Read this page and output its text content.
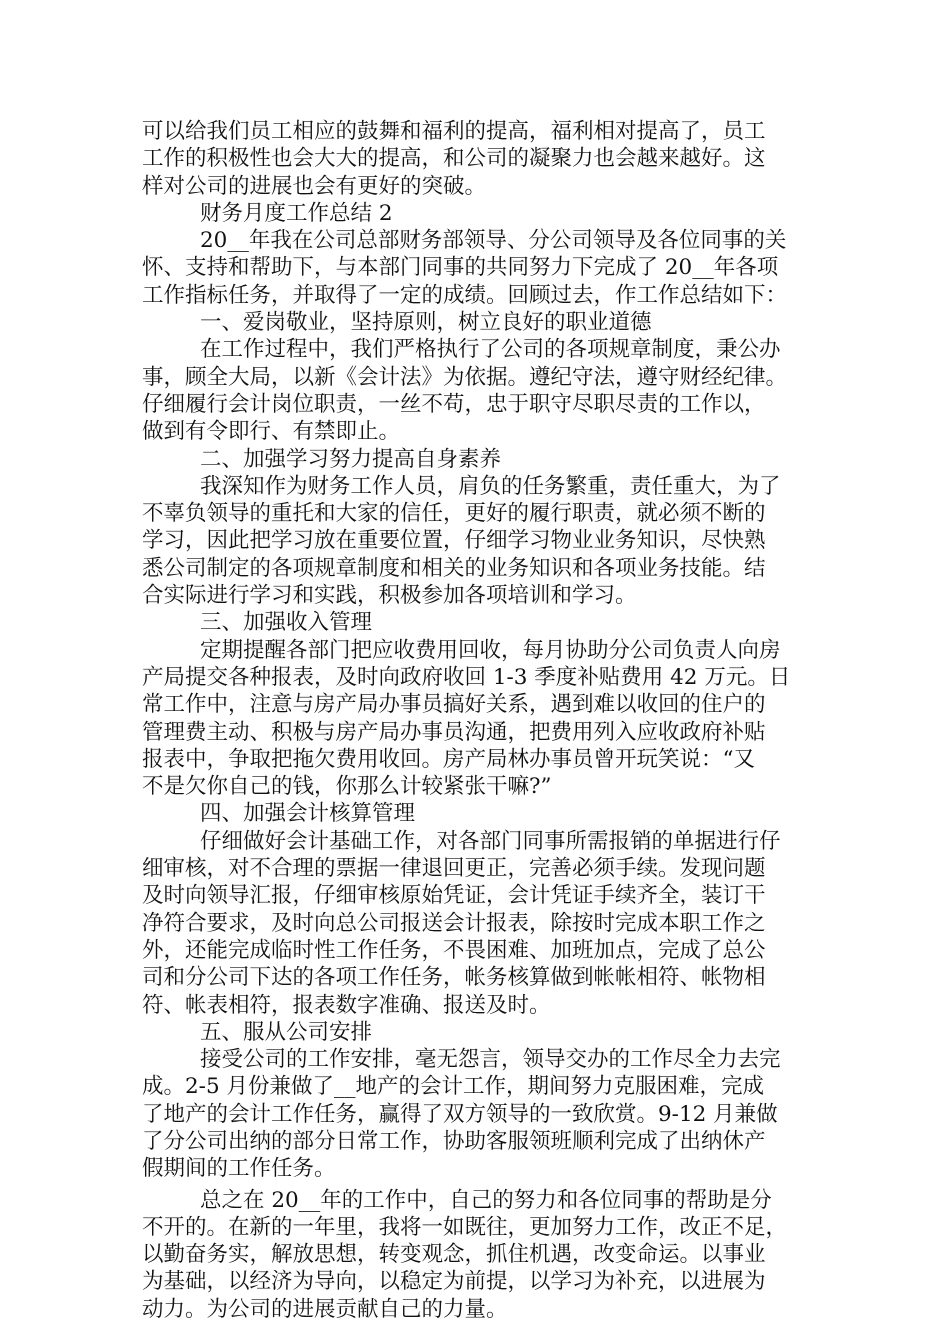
可以给我们员工相应的鼓舞和福利的提高，福利相对提高了，员工
工作的积极性也会大大的提高，和公司的凝聚力也会越来越好。这
样对公司的进展也会有更好的突破。
财务月度工作总结 2
20__年我在公司总部财务部领导、分公司领导及各位同事的关
怀、支持和帮助下，与本部门同事的共同努力下完成了 20__年各项
工作指标任务，并取得了一定的成绩。回顾过去，作工作总结如下：
一、爱岗敬业，坚持原则，树立良好的职业道德
在工作过程中，我们严格执行了公司的各项规章制度，秉公办
事，顾全大局，以新《会计法》为依据。遵纪守法，遵守财经纪律。
仔细履行会计岗位职责，一丝不苟，忠于职守尽职尽责的工作以，
做到有令即行、有禁即止。
二、加强学习努力提高自身素养
我深知作为财务工作人员，肩负的任务繁重，责任重大，为了
不辜负领导的重托和大家的信任，更好的履行职责，就必须不断的
学习，因此把学习放在重要位置，仔细学习物业业务知识，尽快熟
悉公司制定的各项规章制度和相关的业务知识和各项业务技能。结
合实际进行学习和实践，积极参加各项培训和学习。
三、加强收入管理
定期提醒各部门把应收费用回收，每月协助分公司负责人向房
产局提交各种报表，及时向政府收回 1-3 季度补贴费用 42 万元。日
常工作中，注意与房产局办事员搞好关系，遇到难以收回的住户的
管理费主动、积极与房产局办事员沟通，把费用列入应收政府补贴
报表中，争取把拖欠费用收回。房产局林办事员曾开玩笑说：“又
不是欠你自己的钱，你那么计较紧张干嘛?”
四、加强会计核算管理
仔细做好会计基础工作，对各部门同事所需报销的单据进行仔
细审核，对不合理的票据一律退回更正，完善必须手续。发现问题
及时向领导汇报，仔细审核原始凭证，会计凭证手续齐全，装订干
净符合要求，及时向总公司报送会计报表，除按时完成本职工作之
外，还能完成临时性工作任务，不畏困难、加班加点，完成了总公
司和分公司下达的各项工作任务，帐务核算做到帐帐相符、帐物相
符、帐表相符，报表数字准确、报送及时。
五、服从公司安排
接受公司的工作安排，毫无怨言，领导交办的工作尽全力去完
成。2-5 月份兼做了__地产的会计工作，期间努力克服困难，完成
了地产的会计工作任务，赢得了双方领导的一致欣赏。9-12 月兼做
了分公司出纳的部分日常工作，协助客服领班顺利完成了出纳休产
假期间的工作任务。
总之在 20__年的工作中，自己的努力和各位同事的帮助是分
不开的。在新的一年里，我将一如既往，更加努力工作，改正不足，
以勤奋务实，解放思想，转变观念，抓住机遇，改变命运。以事业
为基础，以经济为导向，以稳定为前提，以学习为补充，以进展为
动力。为公司的进展贡献自己的力量。
